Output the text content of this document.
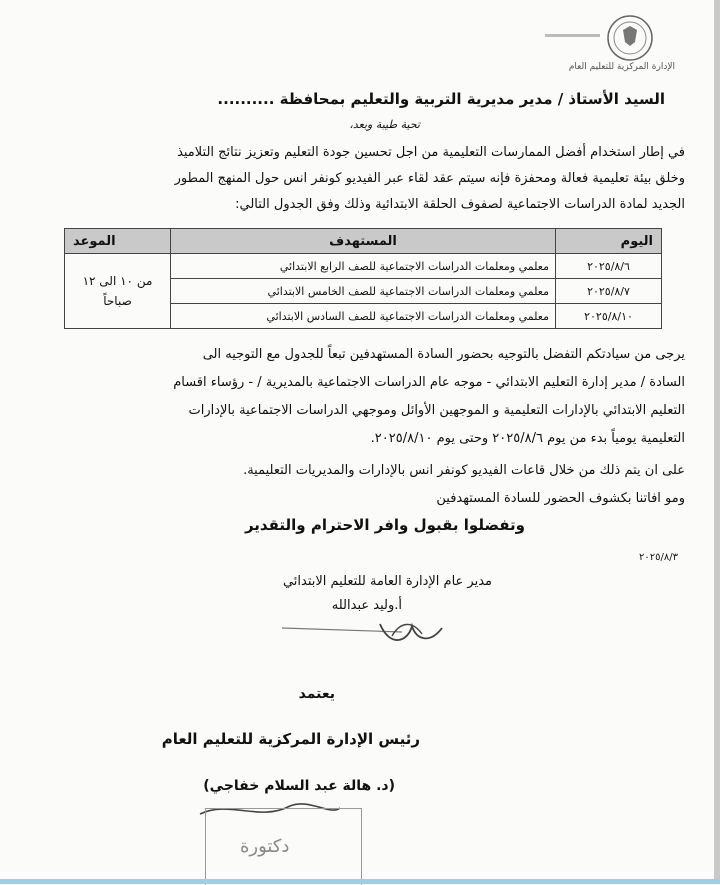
الإدارة المركزية للتعليم العام
السيد الأستاذ / مدير مديرية التربية والتعليم بمحافظة ..........
تحية طيبة وبعد،
في إطار استخدام أفضل الممارسات التعليمية من اجل تحسين جودة التعليم وتعزيز نتائج التلاميذ
وخلق بيئة تعليمية فعالة ومحفزة فإنه سيتم عقد لقاء عبر الفيديو كونفر انس حول المنهج المطور
الجديد لمادة الدراسات الاجتماعية لصفوف الحلقة الابتدائية وذلك وفق الجدول التالي:
اليوم	المستهدف	الموعد
٢٠٢٥/٨/٦	معلمي ومعلمات الدراسات الاجتماعية للصف الرابع الابتدائي	من ١٠ الى ١٢
صباحاً

٢٠٢٥/٨/٧	معلمي ومعلمات الدراسات الاجتماعية للصف الخامس الابتدائي	
٢٠٢٥/٨/١٠	معلمي ومعلمات الدراسات الاجتماعية للصف السادس الابتدائي	
يرجى من سيادتكم التفضل بالتوجيه بحضور السادة المستهدفين تبعاً للجدول مع التوجيه الى
السادة / مدير إدارة التعليم الابتدائي - موجه عام الدراسات الاجتماعية بالمديرية / - رؤساء اقسام
التعليم الابتدائي بالإدارات التعليمية و الموجهين الأوائل وموجهي الدراسات الاجتماعية بالإدارات
التعليمية يومياً بدء من يوم ٢٠٢٥/٨/٦ وحتى يوم ٢٠٢٥/٨/١٠.
على ان يتم ذلك من خلال قاعات الفيديو كونفر انس بالإدارات والمديريات التعليمية.
ومو افاتنا بكشوف الحضور للسادة المستهدفين
وتفضلوا بقبول وافر الاحترام والتقدير
٢٠٢٥/٨/٣
مدير عام الإدارة العامة للتعليم الابتدائي
أ.وليد عبدالله
يعتمد
رئيس الإدارة المركزية للتعليم العام
(د. هالة عبد السلام خفاجي)
دكتورة
